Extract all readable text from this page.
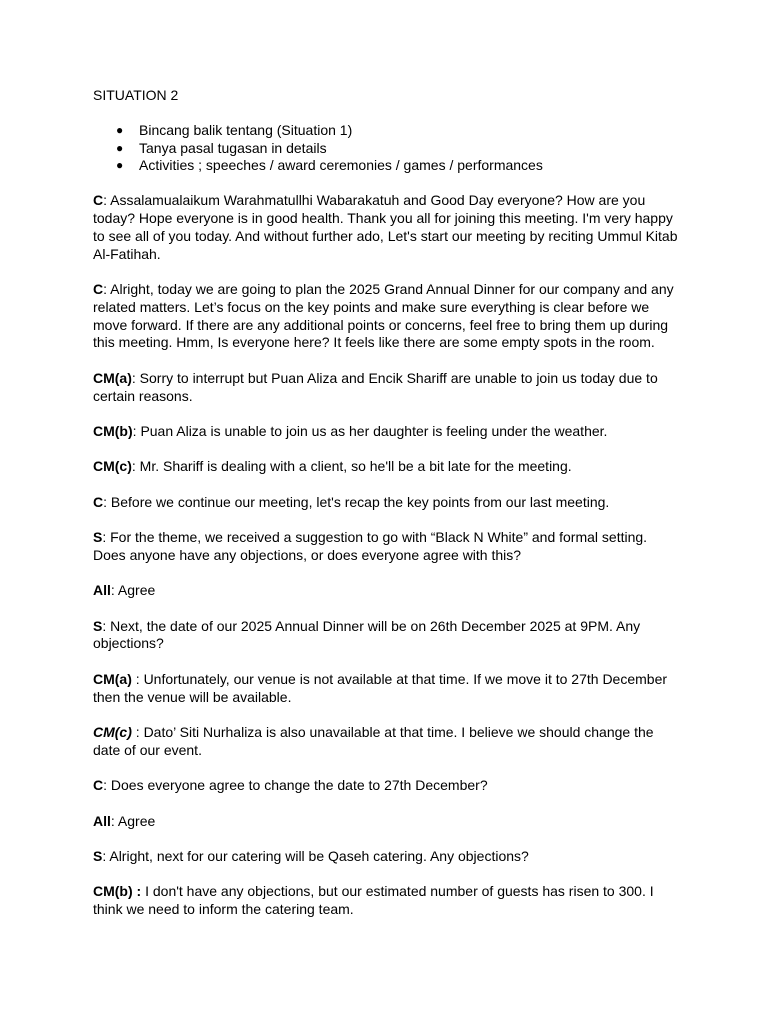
SITUATION 2

● Bincang balik tentang (Situation 1)
● Tanya pasal tugasan in details
● Activities ; speeches / award ceremonies / games / performances

C: Assalamualaikum Warahmatullhi Wabarakatuh and Good Day everyone? How are you today? Hope everyone is in good health. Thank you all for joining this meeting. I'm very happy to see all of you today. And without further ado, Let's start our meeting by reciting Ummul Kitab Al-Fatihah.

C: Alright, today we are going to plan the 2025 Grand Annual Dinner for our company and any related matters. Let’s focus on the key points and make sure everything is clear before we move forward. If there are any additional points or concerns, feel free to bring them up during this meeting. Hmm, Is everyone here? It feels like there are some empty spots in the room.

CM(a): Sorry to interrupt but Puan Aliza and Encik Shariff are unable to join us today due to certain reasons.

CM(b): Puan Aliza is unable to join us as her daughter is feeling under the weather.

CM(c): Mr. Shariff is dealing with a client, so he'll be a bit late for the meeting.

C: Before we continue our meeting, let's recap the key points from our last meeting.

S: For the theme, we received a suggestion to go with “Black N White” and formal setting. Does anyone have any objections, or does everyone agree with this?

All: Agree

S: Next, the date of our 2025 Annual Dinner will be on 26th December 2025 at 9PM. Any objections?

CM(a) : Unfortunately, our venue is not available at that time. If we move it to 27th December then the venue will be available.

CM(c) : Dato’ Siti Nurhaliza is also unavailable at that time. I believe we should change the date of our event.

C: Does everyone agree to change the date to 27th December?

All: Agree

S: Alright, next for our catering will be Qaseh catering. Any objections?

CM(b) : I don't have any objections, but our estimated number of guests has risen to 300. I think we need to inform the catering team.
